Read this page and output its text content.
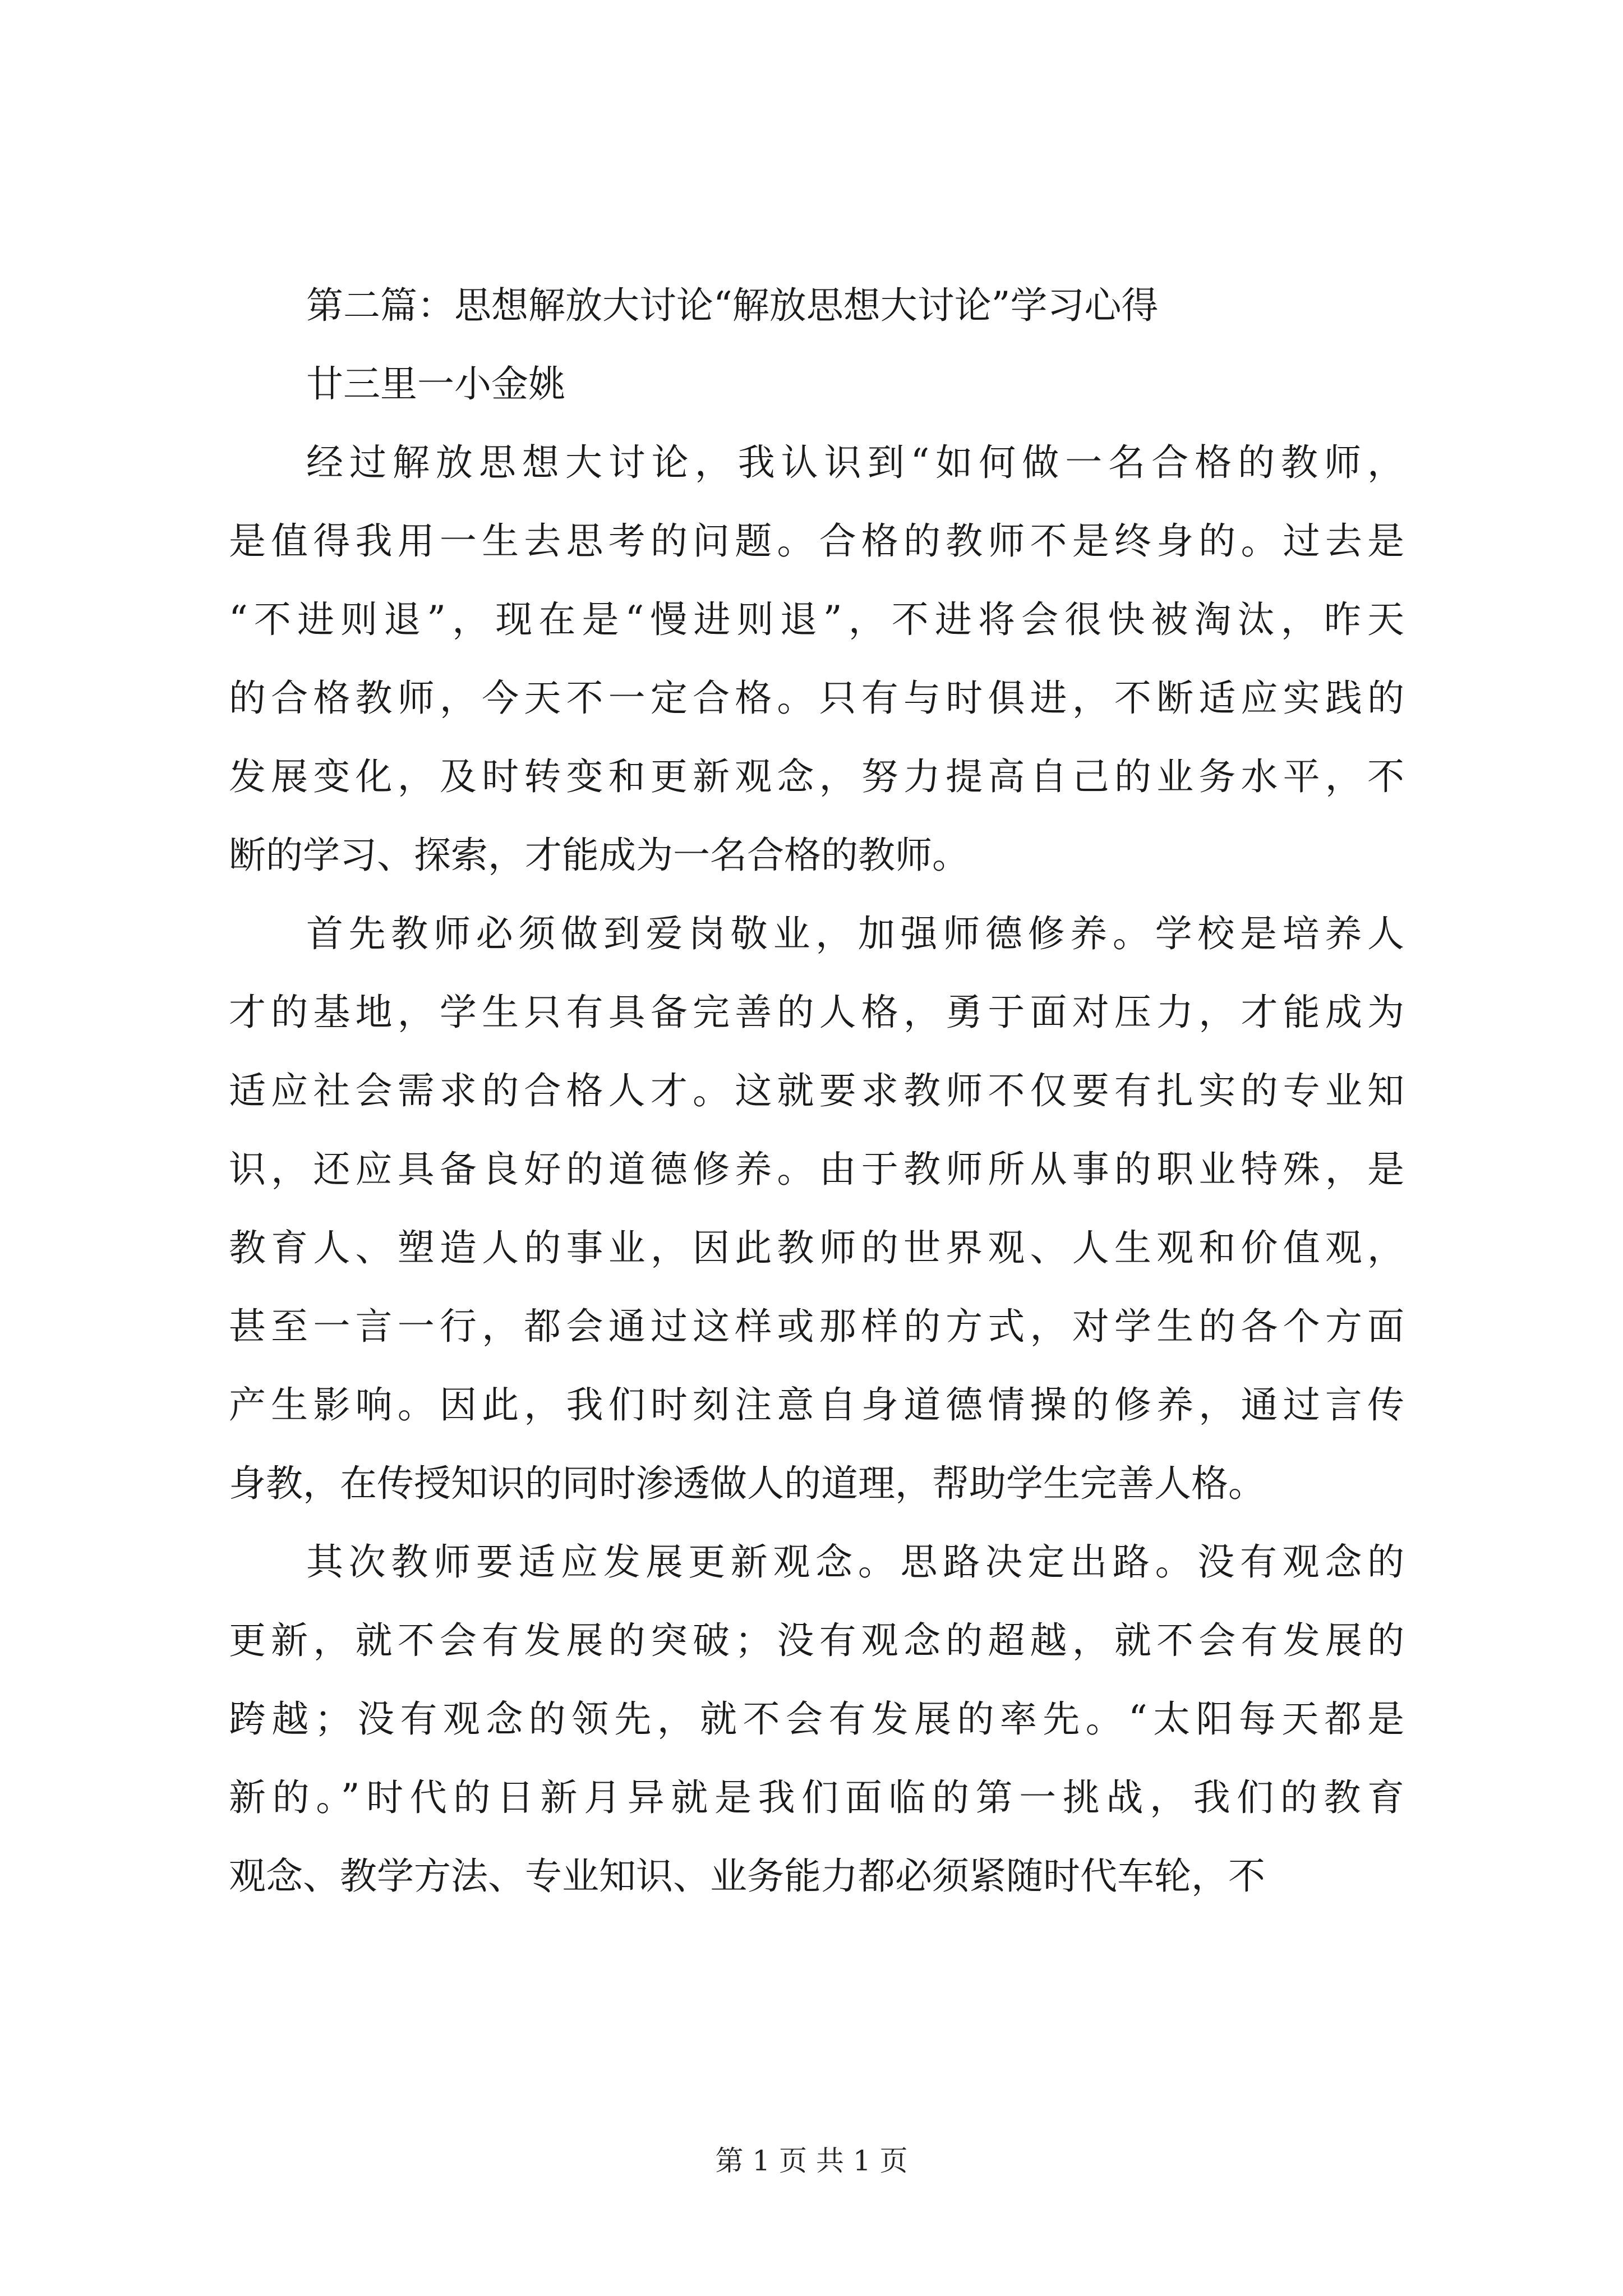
第二篇：思想解放大讨论“解放思想大讨论”学习心得
廿三里一小金姚
经过解放思想大讨论，我认识到“如何做一名合格的教师，
是值得我用一生去思考的问题。合格的教师不是终身的。过去是
“不进则退”，现在是“慢进则退”，不进将会很快被淘汰，昨天
的合格教师，今天不一定合格。只有与时俱进，不断适应实践的
发展变化，及时转变和更新观念，努力提高自己的业务水平，不
断的学习、探索，才能成为一名合格的教师。
首先教师必须做到爱岗敬业，加强师德修养。学校是培养人
才的基地，学生只有具备完善的人格，勇于面对压力，才能成为
适应社会需求的合格人才。这就要求教师不仅要有扎实的专业知
识，还应具备良好的道德修养。由于教师所从事的职业特殊，是
教育人、塑造人的事业，因此教师的世界观、人生观和价值观，
甚至一言一行，都会通过这样或那样的方式，对学生的各个方面
产生影响。因此，我们时刻注意自身道德情操的修养，通过言传
身教，在传授知识的同时渗透做人的道理，帮助学生完善人格。
其次教师要适应发展更新观念。思路决定出路。没有观念的
更新，就不会有发展的突破；没有观念的超越，就不会有发展的
跨越；没有观念的领先，就不会有发展的率先。“太阳每天都是
新的。”时代的日新月异就是我们面临的第一挑战，我们的教育
观念、教学方法、专业知识、业务能力都必须紧随时代车轮，不
第 1 页 共 1 页
